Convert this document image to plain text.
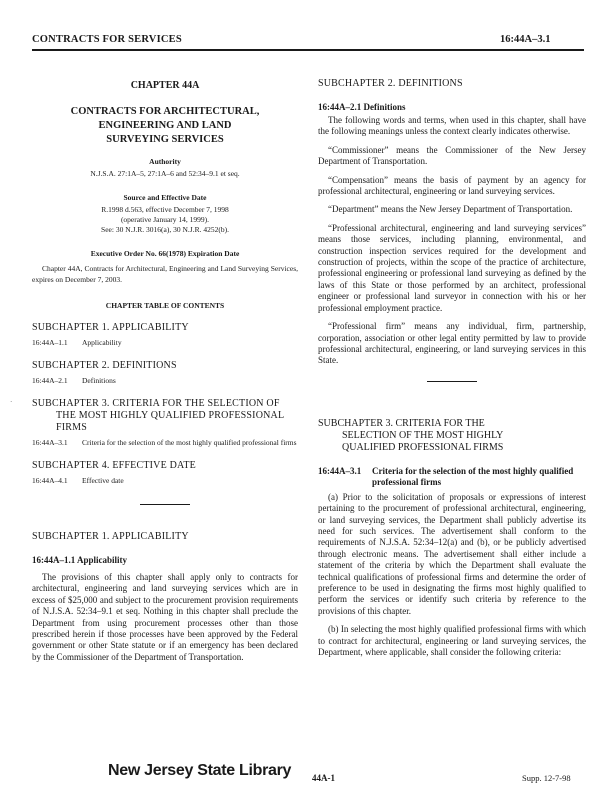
CONTRACTS FOR SERVICES	16:44A–3.1
CHAPTER 44A
CONTRACTS FOR ARCHITECTURAL,
ENGINEERING AND LAND
SURVEYING SERVICES
Authority
N.J.S.A. 27:1A–5, 27:1A–6 and 52:34–9.1 et seq.
Source and Effective Date
R.1998 d.563, effective December 7, 1998
(operative January 14, 1999).
See: 30 N.J.R. 3016(a), 30 N.J.R. 4252(b).
Executive Order No. 66(1978) Expiration Date
Chapter 44A, Contracts for Architectural, Engineering and Land Surveying Services, expires on December 7, 2003.
CHAPTER TABLE OF CONTENTS
SUBCHAPTER 1. APPLICABILITY
16:44A–1.1	Applicability
SUBCHAPTER 2. DEFINITIONS
16:44A–2.1	Definitions
SUBCHAPTER 3. CRITERIA FOR THE SELECTION OF THE MOST HIGHLY QUALIFIED PROFESSIONAL FIRMS
16:44A–3.1	Criteria for the selection of the most highly qualified professional firms
SUBCHAPTER 4. EFFECTIVE DATE
16:44A–4.1	Effective date
SUBCHAPTER 1. APPLICABILITY
16:44A–1.1 Applicability
The provisions of this chapter shall apply only to contracts for architectural, engineering and land surveying services which are in excess of $25,000 and subject to the procurement provision requirements of N.J.S.A. 52:34–9.1 et seq. Nothing in this chapter shall preclude the Department from using procurement processes other than those prescribed herein if those processes have been approved by the Federal government or other State statute or if an emergency has been declared by the Commissioner of the Department of Transportation.
SUBCHAPTER 2. DEFINITIONS
16:44A–2.1 Definitions
The following words and terms, when used in this chapter, shall have the following meanings unless the context clearly indicates otherwise.
“Commissioner” means the Commissioner of the New Jersey Department of Transportation.
“Compensation” means the basis of payment by an agency for professional architectural, engineering or land surveying services.
“Department” means the New Jersey Department of Transportation.
“Professional architectural, engineering and land surveying services” means those services, including planning, environmental, and construction inspection services required for the development and construction of projects, within the scope of the practice of architecture, professional engineering or professional land surveying as defined by the laws of this State or those performed by an architect, professional engineer or professional land surveyor in connection with his or her professional employment practice.
“Professional firm” means any individual, firm, partnership, corporation, association or other legal entity permitted by law to provide professional architectural, engineering, or land surveying services in this State.
SUBCHAPTER 3. CRITERIA FOR THE
SELECTION OF THE MOST HIGHLY
QUALIFIED PROFESSIONAL FIRMS
16:44A–3.1	Criteria for the selection of the most highly qualified professional firms
(a) Prior to the solicitation of proposals or expressions of interest pertaining to the procurement of professional architectural, engineering, or land surveying services, the Department shall publicly advertise its need for such services. The advertisement shall conform to the requirements of N.J.S.A. 52:34–12(a) and (b), or be publicly advertised through electronic means. The advertisement shall either include a statement of the criteria by which the Department shall evaluate the technical qualifications of professional firms and determine the order of preference to be used in designating the firms most highly qualified to perform the services or identify such criteria by reference to the provisions of this chapter.
(b) In selecting the most highly qualified professional firms with which to contract for architectural, engineering or land surveying services, the Department, where applicable, shall consider the following criteria:
·
New Jersey State Library 44A-1	Supp. 12-7-98
